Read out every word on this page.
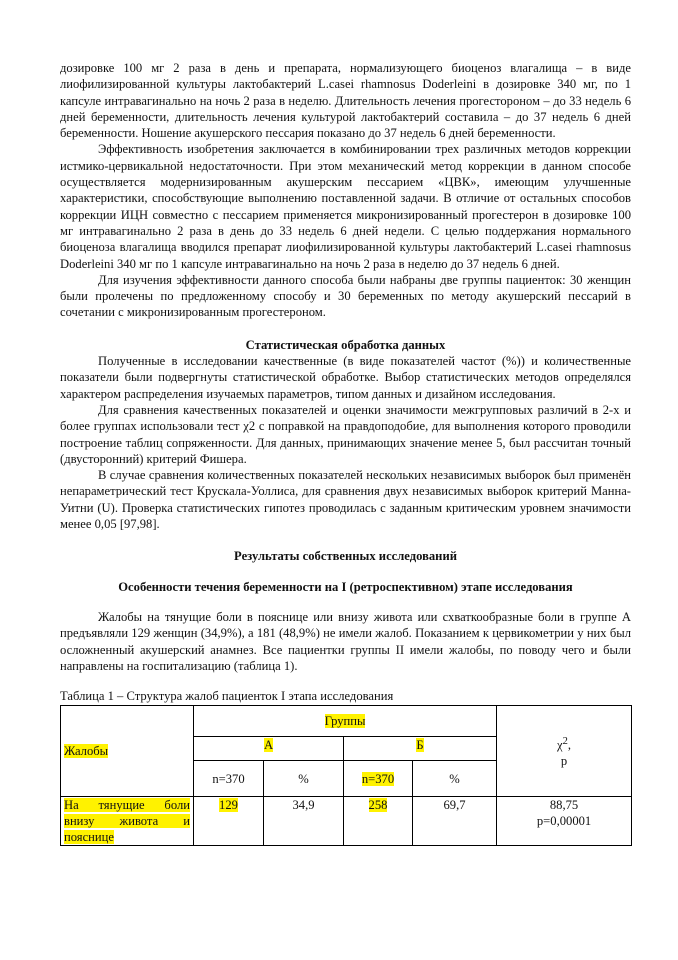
дозировке 100 мг 2 раза в день и препарата, нормализующего биоценоз влагалища – в виде лиофилизированной культуры лактобактерий L.casei rhamnosus Doderleini в дозировке 340 мг, по 1 капсуле интравагинально на ночь 2 раза в неделю. Длительность лечения прогестороном – до 33 недель 6 дней беременности, длительность лечения культурой лактобактерий составила – до 37 недель 6 дней беременности. Ношение акушерского пессария показано до 37 недель 6 дней беременности.

Эффективность изобретения заключается в комбинировании трех различных методов коррекции истмико-цервикальной недостаточности. При этом механический метод коррекции в данном способе осуществляется модернизированным акушерским пессарием «ЦВК», имеющим улучшенные характеристики, способствующие выполнению поставленной задачи. В отличие от остальных способов коррекции ИЦН совместно с пессарием применяется микронизированный прогестерон в дозировке 100 мг интравагинально 2 раза в день до 33 недель 6 дней недели. С целью поддержания нормального биоценоза влагалища вводился препарат лиофилизированной культуры лактобактерий L.casei rhamnosus Doderleini 340 мг по 1 капсуле интравагинально на ночь 2 раза в неделю до 37 недель 6 дней.

Для изучения эффективности данного способа были набраны две группы пациенток: 30 женщин были пролечены по предложенному способу и 30 беременных по методу акушерский пессарий в сочетании с микронизированным прогестероном.

Статистическая обработка данных

Полученные в исследовании качественные (в виде показателей частот (%)) и количественные показатели были подвергнуты статистической обработке. Выбор статистических методов определялся характером распределения изучаемых параметров, типом данных и дизайном исследования.

Для сравнения качественных показателей и оценки значимости межгрупповых различий в 2-х и более группах использовали тест χ2 с поправкой на правдоподобие, для выполнения которого проводили построение таблиц сопряженности. Для данных, принимающих значение менее 5, был рассчитан точный (двусторонний) критерий Фишера.

В случае сравнения количественных показателей нескольких независимых выборок был применён непараметрический тест Крускала-Уоллиса, для сравнения двух независимых выборок критерий Манна-Уитни (U). Проверка статистических гипотез проводилась с заданным критическим уровнем значимости менее 0,05 [97,98].

Результаты собственных исследований
Особенности течения беременности на I (ретроспективном) этапе исследования

Жалобы на тянущие боли в пояснице или внизу живота или схваткообразные боли в группе А предъявляли 129 женщин (34,9%), а 181 (48,9%) не имели жалоб. Показанием к цервикометрии у них был осложненный акушерский анамнез. Все пациентки группы II имели жалобы, по поводу чего и были направлены на госпитализацию (таблица 1).

Таблица 1 – Структура жалоб пациенток I этапа исследования
Жалобы	Группы				$\chi^2$,
р
	А		Б		
	n=370	%	n=370	%	
На тянущие боли внизу живота и пояснице	129	34,9	258	69,7	88,75
р=0,00001
